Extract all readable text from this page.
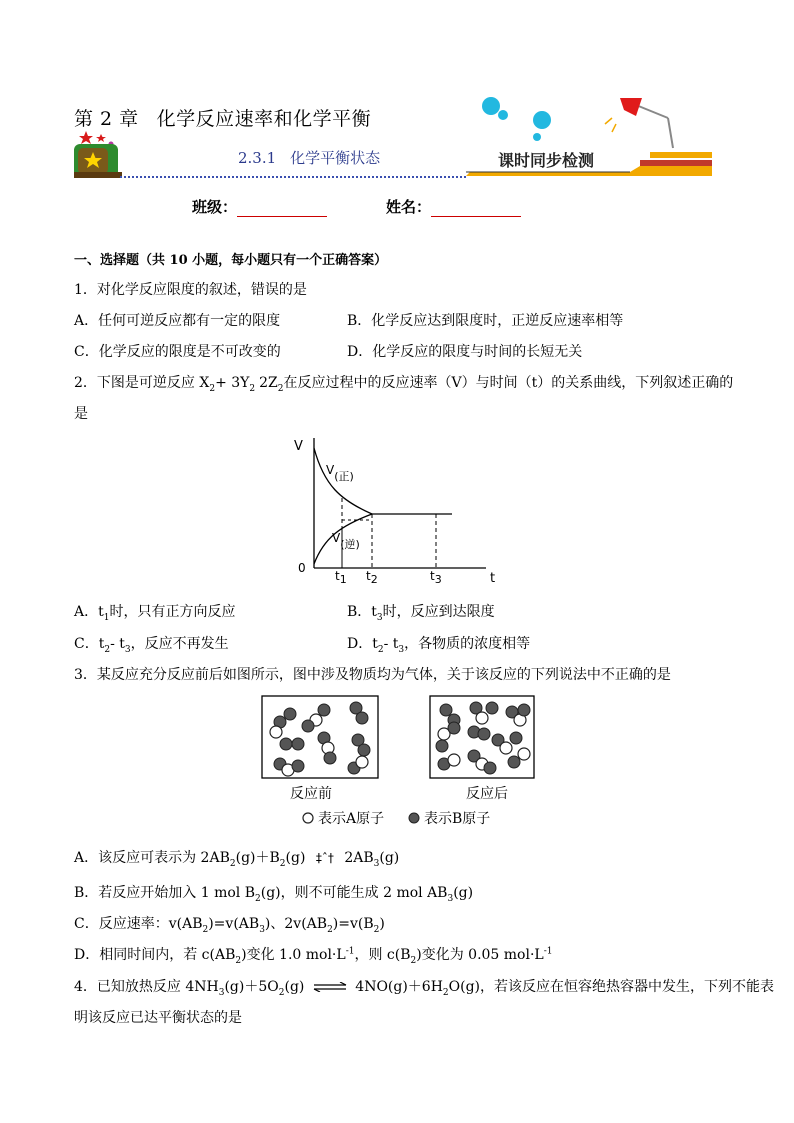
第 2 章 化学反应速率和化学平衡
2.3.1 化学平衡状态	课时同步检测
班级：	姓名：
一、选择题（共 10 小题，每小题只有一个正确答案）
1．对化学反应限度的叙述，错误的是
A．任何可逆反应都有一定的限度	B．化学反应达到限度时，正逆反应速率相等
C．化学反应的限度是不可改变的	D．化学反应的限度与时间的长短无关
2．下图是可逆反应 $X_2+ 3Y_2$ $2Z_2$在反应过程中的反应速率（V）与时间（t）的关系曲线，下列叙述正确的
是
V
t
0
V(正)
V(逆)
t1 t2	t3
A．$t_1$时，只有正方向反应	B．$t_3$时，反应到达限度
C．$t_2-$ $t_3$，反应不再发生	D．$t_2-$ $t_3$，各物质的浓度相等
3．某反应充分反应前后如图所示，图中涉及物质均为气体，关于该反应的下列说法中不正确的是
反应前	反应后
表示A原子	表示B原子
A．该反应可表示为 $2AB_2(g)+B_2(g)$ ‡ˆ† $2AB_3(g)$
B．若反应开始加入 1 mol $B_2(g)$，则不可能生成 2 mol $AB_3(g)$
C．反应速率：$v(AB_2)=v(AB_3)$、$2v(AB_2)=v(B_2)$
D．相同时间内，若 $c(AB_2)$变化 1.0 $mol\cdot L^{-1}$，则 $c(B_2)$变化为 0.05 $mol\cdot L^{-1}$
4．已知放热反应 $4NH_3(g)+5O_2(g)$ ⇌ $4NO(g)+6H_2O(g)$，若该反应在恒容绝热容器中发生，下列不能表
明该反应已达平衡状态的是
